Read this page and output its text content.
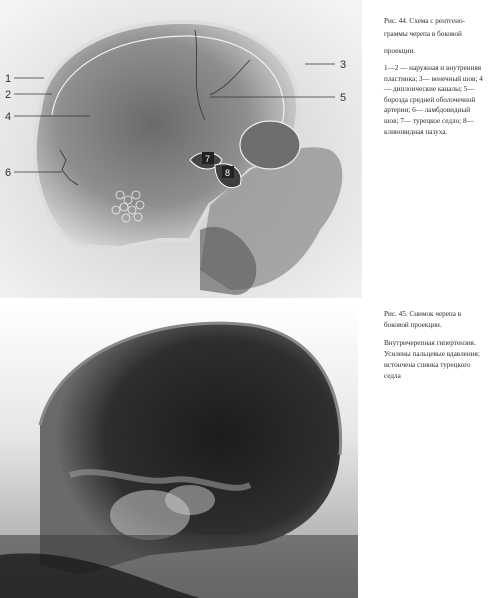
1
2
3
4
5
6
7
8
Рис. 44. Схема с рентгено-
граммы черепа в боковой
проекции.
1—2 — наружная и внутренняя пластинка; 3— венечный шов; 4— диплоические каналы; 5— борозда средней оболочечной артерии; 6— ламбдовидный шов; 7— турецкое седло; 8— клиновидная пазуха.
Рис. 45. Снимок черепа в боковой проекции.
Внутричерепная гипертензия. Усилены пальцевые вдавления; истончена спинка турецкого седла
